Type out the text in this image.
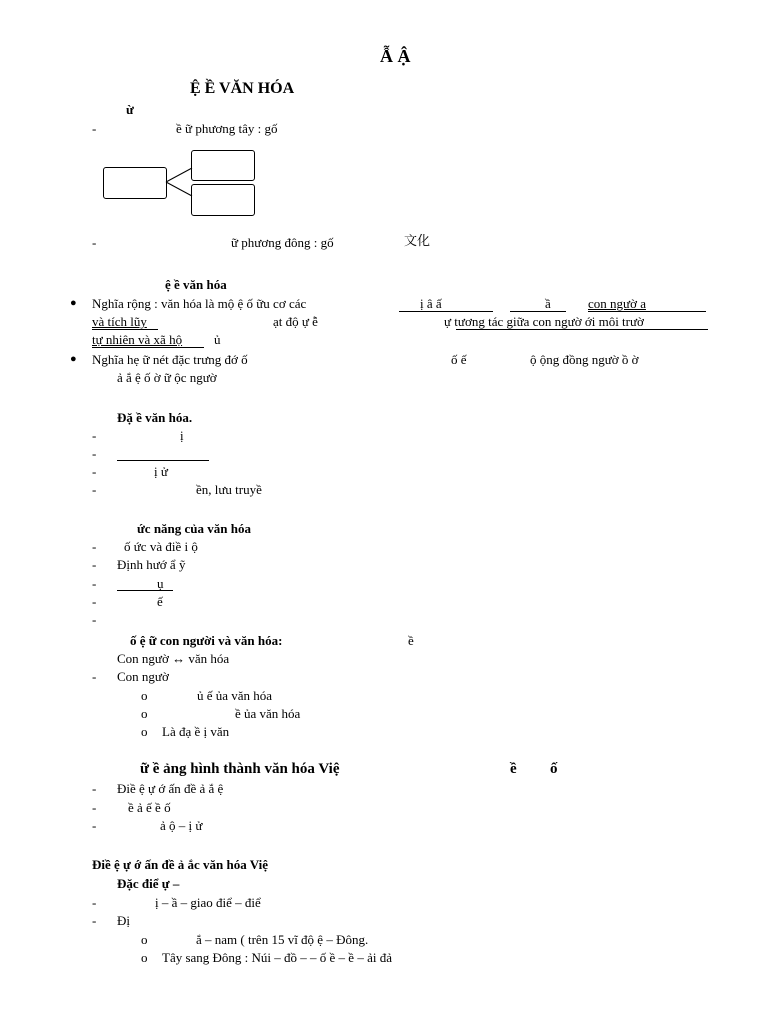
Ẫ Ậ
Ệ Ề VĂN HÓA
ừ
-	ề ữ phương tây : gố
-	ữ phương đông : gố	文化
ệ ề văn hóa
● Nghĩa rộng : văn hóa là mộ ệ ố ữu cơ các	ị â ấ	ầ	con ngườ a
và tích lũy	ạt độ ự ễ	ự tương tác giữa con ngườ ới môi trườ
tự nhiên và xã hộ ủ
● Nghĩa hẹ ữ nét đặc trưng đớ ố	ố ế	ộ ộng đồng ngườ ồ ờ
ả ắ ệ ố ờ ữ ộc ngườ
Đặ ề văn hóa.
-	ị
-
-	ị ử
-	ền, lưu truyề
ức năng của văn hóa
- ố ức và điề i ộ
- Định hướ ẩ ỹ
-	ụ
-	ế
-
ố ệ ữ con người và văn hóa:	ề
Con ngườ ↔ văn hóa
- Con ngườ
o	ủ ế ủa văn hóa
o	ề ủa văn hóa
o Là đạ ề ị văn
ữ ề ảng hình thành văn hóa Việ	ề ố
- Điề ệ ự ớ ấn đề ả ắ ệ
- ề ả ế ề ố
-	ả ộ – ị ử
Điề ệ ự ớ ấn đề ả ắc văn hóa Việ
Đặc điể ự –
-	ị – ầ – giao điể – điể
- Đị
o	ắ – nam ( trên 15 vĩ độ ệ – Đông.
o Tây sang Đông : Núi – đồ – – ố ề – ề – ải đả
